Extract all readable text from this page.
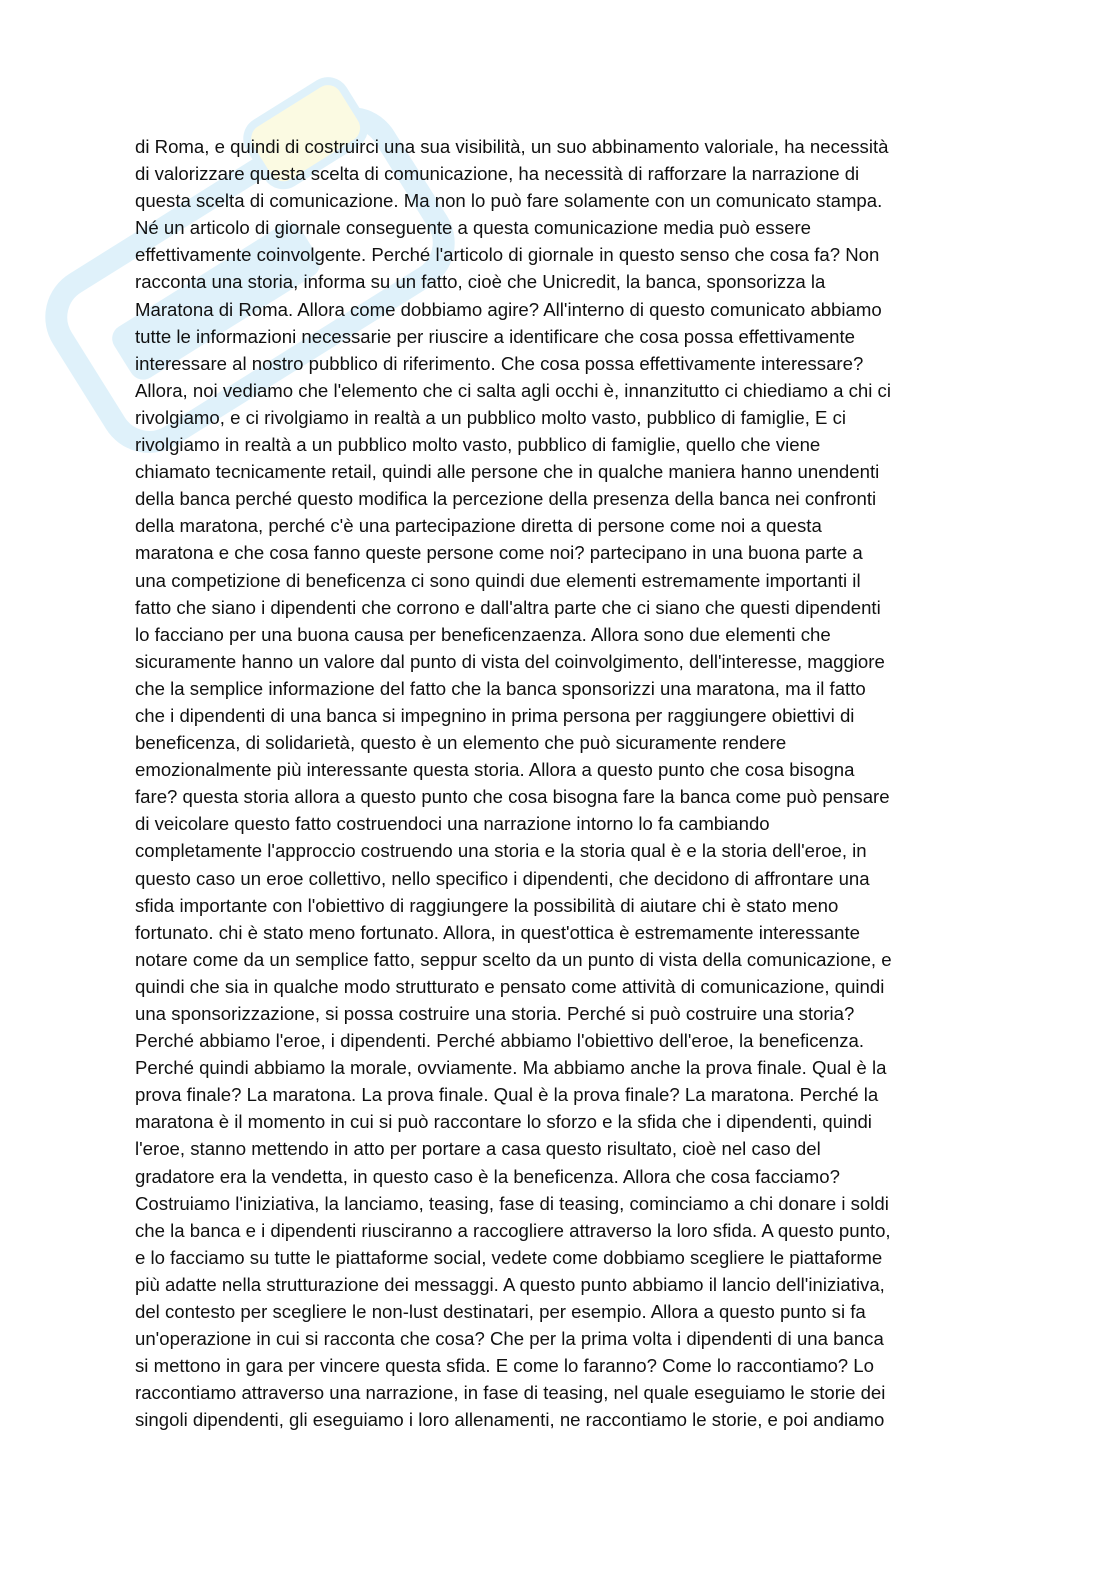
di Roma, e quindi di costruirci una sua visibilità, un suo abbinamento valoriale, ha necessità
di valorizzare questa scelta di comunicazione, ha necessità di rafforzare la narrazione di
questa scelta di comunicazione. Ma non lo può fare solamente con un comunicato stampa.
Né un articolo di giornale conseguente a questa comunicazione media può essere
effettivamente coinvolgente. Perché l'articolo di giornale in questo senso che cosa fa? Non
racconta una storia, informa su un fatto, cioè che Unicredit, la banca, sponsorizza la
Maratona di Roma. Allora come dobbiamo agire? All'interno di questo comunicato abbiamo
tutte le informazioni necessarie per riuscire a identificare che cosa possa effettivamente
interessare al nostro pubblico di riferimento. Che cosa possa effettivamente interessare?
Allora, noi vediamo che l'elemento che ci salta agli occhi è, innanzitutto ci chiediamo a chi ci
rivolgiamo, e ci rivolgiamo in realtà a un pubblico molto vasto, pubblico di famiglie, E ci
rivolgiamo in realtà a un pubblico molto vasto, pubblico di famiglie, quello che viene
chiamato tecnicamente retail, quindi alle persone che in qualche maniera hanno unendenti
della banca perché questo modifica la percezione della presenza della banca nei confronti
della maratona, perché c'è una partecipazione diretta di persone come noi a questa
maratona e che cosa fanno queste persone come noi? partecipano in una buona parte a
una competizione di beneficenza ci sono quindi due elementi estremamente importanti il
fatto che siano i dipendenti che corrono e dall'altra parte che ci siano che questi dipendenti
lo facciano per una buona causa per beneficenzaenza. Allora sono due elementi che
sicuramente hanno un valore dal punto di vista del coinvolgimento, dell'interesse, maggiore
che la semplice informazione del fatto che la banca sponsorizzi una maratona, ma il fatto
che i dipendenti di una banca si impegnino in prima persona per raggiungere obiettivi di
beneficenza, di solidarietà, questo è un elemento che può sicuramente rendere
emozionalmente più interessante questa storia. Allora a questo punto che cosa bisogna
fare? questa storia allora a questo punto che cosa bisogna fare la banca come può pensare
di veicolare questo fatto costruendoci una narrazione intorno lo fa cambiando
completamente l'approccio costruendo una storia e la storia qual è e la storia dell'eroe, in
questo caso un eroe collettivo, nello specifico i dipendenti, che decidono di affrontare una
sfida importante con l'obiettivo di raggiungere la possibilità di aiutare chi è stato meno
fortunato. chi è stato meno fortunato. Allora, in quest'ottica è estremamente interessante
notare come da un semplice fatto, seppur scelto da un punto di vista della comunicazione, e
quindi che sia in qualche modo strutturato e pensato come attività di comunicazione, quindi
una sponsorizzazione, si possa costruire una storia. Perché si può costruire una storia?
Perché abbiamo l'eroe, i dipendenti. Perché abbiamo l'obiettivo dell'eroe, la beneficenza.
Perché quindi abbiamo la morale, ovviamente. Ma abbiamo anche la prova finale. Qual è la
prova finale? La maratona. La prova finale. Qual è la prova finale? La maratona. Perché la
maratona è il momento in cui si può raccontare lo sforzo e la sfida che i dipendenti, quindi
l'eroe, stanno mettendo in atto per portare a casa questo risultato, cioè nel caso del
gradatore era la vendetta, in questo caso è la beneficenza. Allora che cosa facciamo?
Costruiamo l'iniziativa, la lanciamo, teasing, fase di teasing, cominciamo a chi donare i soldi
che la banca e i dipendenti riusciranno a raccogliere attraverso la loro sfida. A questo punto,
e lo facciamo su tutte le piattaforme social, vedete come dobbiamo scegliere le piattaforme
più adatte nella strutturazione dei messaggi. A questo punto abbiamo il lancio dell'iniziativa,
del contesto per scegliere le non-lust destinatari, per esempio. Allora a questo punto si fa
un'operazione in cui si racconta che cosa? Che per la prima volta i dipendenti di una banca
si mettono in gara per vincere questa sfida. E come lo faranno? Come lo raccontiamo? Lo
raccontiamo attraverso una narrazione, in fase di teasing, nel quale eseguiamo le storie dei
singoli dipendenti, gli eseguiamo i loro allenamenti, ne raccontiamo le storie, e poi andiamo
